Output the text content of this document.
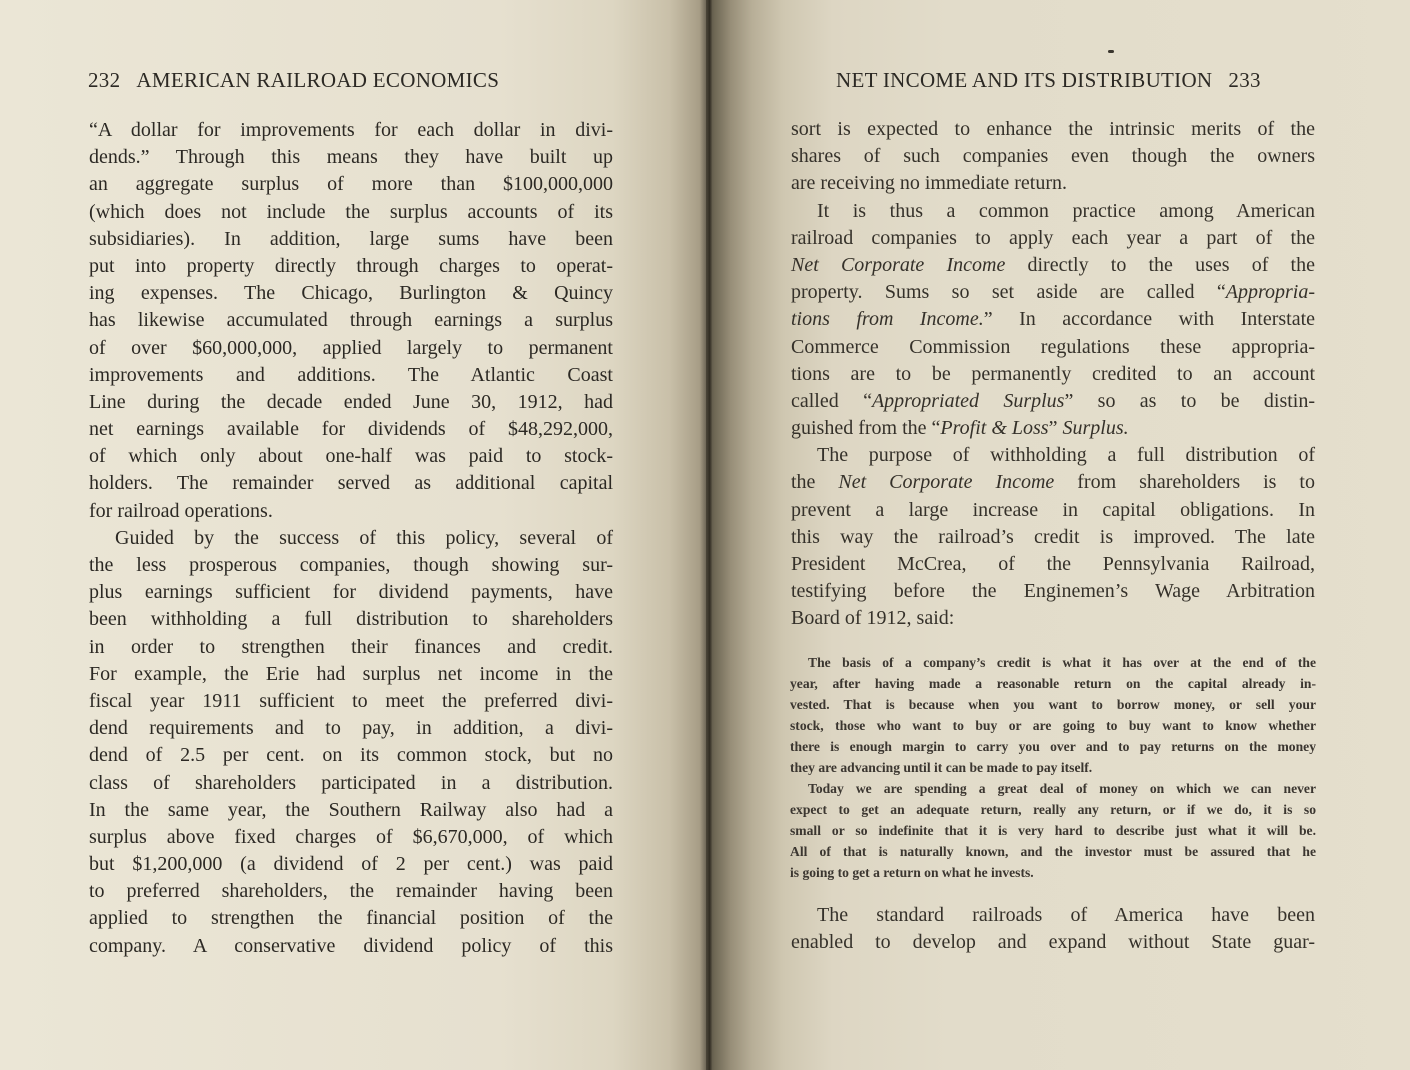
232 AMERICAN RAILROAD ECONOMICS
“A dollar for improvements for each dollar in divi-
dends.” Through this means they have built up
an aggregate surplus of more than $100,000,000
(which does not include the surplus accounts of its
subsidiaries). In addition, large sums have been
put into property directly through charges to operat-
ing expenses. The Chicago, Burlington & Quincy
has likewise accumulated through earnings a surplus
of over $60,000,000, applied largely to permanent
improvements and additions. The Atlantic Coast
Line during the decade ended June 30, 1912, had
net earnings available for dividends of $48,292,000,
of which only about one-half was paid to stock-
holders. The remainder served as additional capital
for railroad operations.
Guided by the success of this policy, several of
the less prosperous companies, though showing sur-
plus earnings sufficient for dividend payments, have
been withholding a full distribution to shareholders
in order to strengthen their finances and credit.
For example, the Erie had surplus net income in the
fiscal year 1911 sufficient to meet the preferred divi-
dend requirements and to pay, in addition, a divi-
dend of 2.5 per cent. on its common stock, but no
class of shareholders participated in a distribution.
In the same year, the Southern Railway also had a
surplus above fixed charges of $6,670,000, of which
but $1,200,000 (a dividend of 2 per cent.) was paid
to preferred shareholders, the remainder having been
applied to strengthen the financial position of the
company. A conservative dividend policy of this
NET INCOME AND ITS DISTRIBUTION 233
sort is expected to enhance the intrinsic merits of the
shares of such companies even though the owners
are receiving no immediate return.
It is thus a common practice among American
railroad companies to apply each year a part of the
Net Corporate Income directly to the uses of the
property. Sums so set aside are called “Appropria-
tions from Income.” In accordance with Interstate
Commerce Commission regulations these appropria-
tions are to be permanently credited to an account
called “Appropriated Surplus” so as to be distin-
guished from the “Profit & Loss” Surplus.
The purpose of withholding a full distribution of
the Net Corporate Income from shareholders is to
prevent a large increase in capital obligations. In
this way the railroad’s credit is improved. The late
President McCrea, of the Pennsylvania Railroad,
testifying before the Enginemen’s Wage Arbitration
Board of 1912, said:
The basis of a company’s credit is what it has over at the end of the
year, after having made a reasonable return on the capital already in-
vested. That is because when you want to borrow money, or sell your
stock, those who want to buy or are going to buy want to know whether
there is enough margin to carry you over and to pay returns on the money
they are advancing until it can be made to pay itself.
Today we are spending a great deal of money on which we can never
expect to get an adequate return, really any return, or if we do, it is so
small or so indefinite that it is very hard to describe just what it will be.
All of that is naturally known, and the investor must be assured that he
is going to get a return on what he invests.
The standard railroads of America have been
enabled to develop and expand without State guar-
